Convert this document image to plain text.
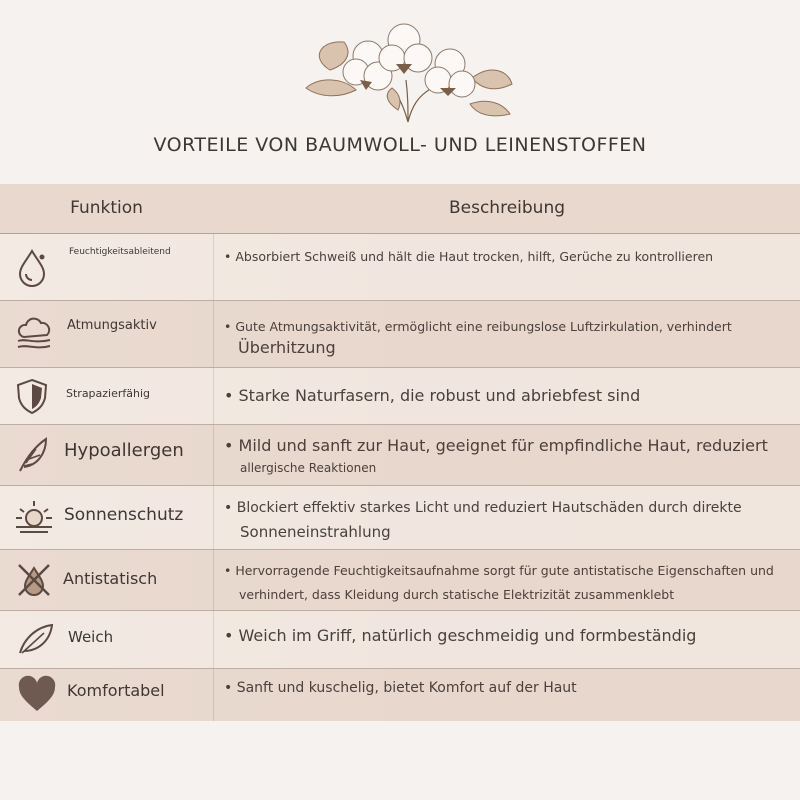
VORTEILE VON BAUMWOLL- UND LEINENSTOFFEN
Funktion	Beschreibung
Feuchtigkeitsableitend	• Absorbiert Schweiß und hält die Haut trocken, hilft, Gerüche zu kontrollieren
Atmungsaktiv	• Gute Atmungsaktivität, ermöglicht eine reibungslose Luftzirkulation, verhindert
Überhitzung
Strapazierfähig	• Starke Naturfasern, die robust und abriebfest sind
Hypoallergen	• Mild und sanft zur Haut, geeignet für empfindliche Haut, reduziert
allergische Reaktionen
Sonnenschutz	• Blockiert effektiv starkes Licht und reduziert Hautschäden durch direkte
Sonneneinstrahlung
Antistatisch	• Hervorragende Feuchtigkeitsaufnahme sorgt für gute antistatische Eigenschaften und
verhindert, dass Kleidung durch statische Elektrizität zusammenklebt
Weich	• Weich im Griff, natürlich geschmeidig und formbeständig
Komfortabel	• Sanft und kuschelig, bietet Komfort auf der Haut
